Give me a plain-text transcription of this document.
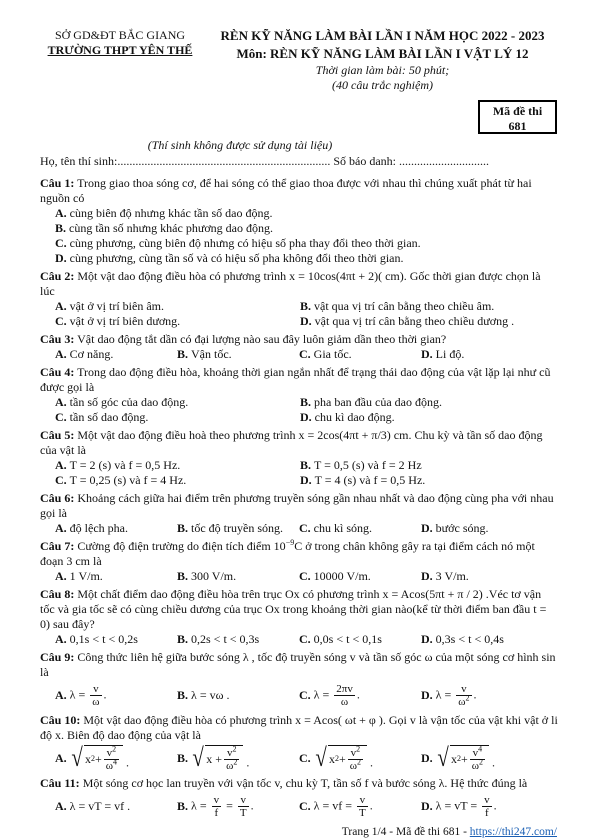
SỞ GD&ĐT BẮC GIANG
TRƯỜNG THPT YÊN THẾ
RÈN KỸ NĂNG LÀM BÀI LẦN I NĂM HỌC 2022 - 2023
Môn: RÈN KỸ NĂNG LÀM BÀI LẦN I VẬT LÝ 12
Thời gian làm bài: 50 phút;
(40 câu trắc nghiệm)
Mã đề thi
681
(Thí sinh không được sử dụng tài liệu)
Họ, tên thí sinh:....................................................................... Số báo danh: ..............................
Câu 1: Trong giao thoa sóng cơ, để hai sóng có thể giao thoa được với nhau thì chúng xuất phát từ hai nguồn có
A. cùng biên độ nhưng khác tần số dao động.
B. cùng tần số nhưng khác phương dao động.
C. cùng phương, cùng biên độ nhưng có hiệu số pha thay đổi theo thời gian.
D. cùng phương, cùng tần số và có hiệu số pha không đổi theo thời gian.
Câu 2: Một vật dao động điều hòa có phương trình x = 10cos(4πt + 2)( cm). Gốc thời gian được chọn là lúc
A. vật ở vị trí biên âm.	B. vật qua vị trí cân bằng theo chiều âm.
C. vật ở vị trí biên dương.	D. vật qua vị trí cân bằng theo chiều dương .
Câu 3: Vật dao động tắt dần có đại lượng nào sau đây luôn giảm dần theo thời gian?
A. Cơ năng.	B. Vận tốc.	C. Gia tốc.	D. Li độ.
Câu 4: Trong dao động điều hòa, khoảng thời gian ngắn nhất để trạng thái dao động của vật lặp lại như cũ được gọi là
A. tần số góc của dao động.	B. pha ban đầu của dao động.
C. tần số dao động.	D. chu kì dao động.
Câu 5: Một vật dao động điều hoà theo phương trình x = 2cos(4πt + π/3) cm. Chu kỳ và tần số dao động của vật là
A. T = 2 (s) và f = 0,5 Hz.	B. T = 0,5 (s) và f = 2 Hz
C. T = 0,25 (s) và f = 4 Hz.	D. T = 4 (s) và f = 0,5 Hz.
Câu 6: Khoảng cách giữa hai điểm trên phương truyền sóng gần nhau nhất và dao động cùng pha với nhau gọi là
A. độ lệch pha.	B. tốc độ truyền sóng. C. chu kì sóng.	D. bước sóng.
Câu 7: Cường độ điện trường do điện tích điểm $10^{-9}C$ ở trong chân không gây ra tại điểm cách nó một đoạn 3 cm là
A. 1 V/m.	B. 300 V/m.	C. 10000 V/m.	D. 3 V/m.
Câu 8: Một chất điểm dao động điều hòa trên trục Ox có phương trình x = Acos(5πt + π / 2) .Véc tơ vận tốc và gia tốc sẽ có cùng chiều dương của trục Ox trong khoảng thời gian nào(kể từ thời điểm ban đầu t = 0) sau đây?
A. 0,1s < t < 0,2s	B. 0,2s < t < 0,3s	C. 0,0s < t < 0,1s	D. 0,3s < t < 0,4s
Câu 9: Công thức liên hệ giữa bước sóng λ , tốc độ truyền sóng v và tần số góc ω của một sóng cơ hình sin là
A. $\lambda = \frac{v}{\omega}$ .	B. λ = vω .	C. $\lambda = \frac{2\pi v}{\omega}$ .	D. $\lambda = \frac{v}{\omega^2}$ .
Câu 10: Một vật dao động điều hòa có phương trình x = Acos( ωt + φ ). Gọi v là vận tốc của vật khi vật ở li độ x. Biên độ dao động của vật là
A. √ x $2 + \frac{v^2}{\omega^4}$ .	B. √ $x + \frac{v^2}{\omega^2}$ .	C. √ x $2 + \frac{v^2}{\omega^2}$ .	D. √ x $2 + \frac{v^4}{\omega^2}$ .
Câu 11: Một sóng cơ học lan truyền với vận tốc v, chu kỳ T, tần số f và bước sóng λ. Hệ thức đúng là
A. λ = vT = vf .	B. $\lambda = \frac{v}{f} = \frac{v}{T}$ .	C. λ = vf = $\frac{v}{T}$ .	D. λ = vT = $\frac{v}{f}$ .
Trang 1/4 - Mã đề thi 681 - https://thi247.com/
